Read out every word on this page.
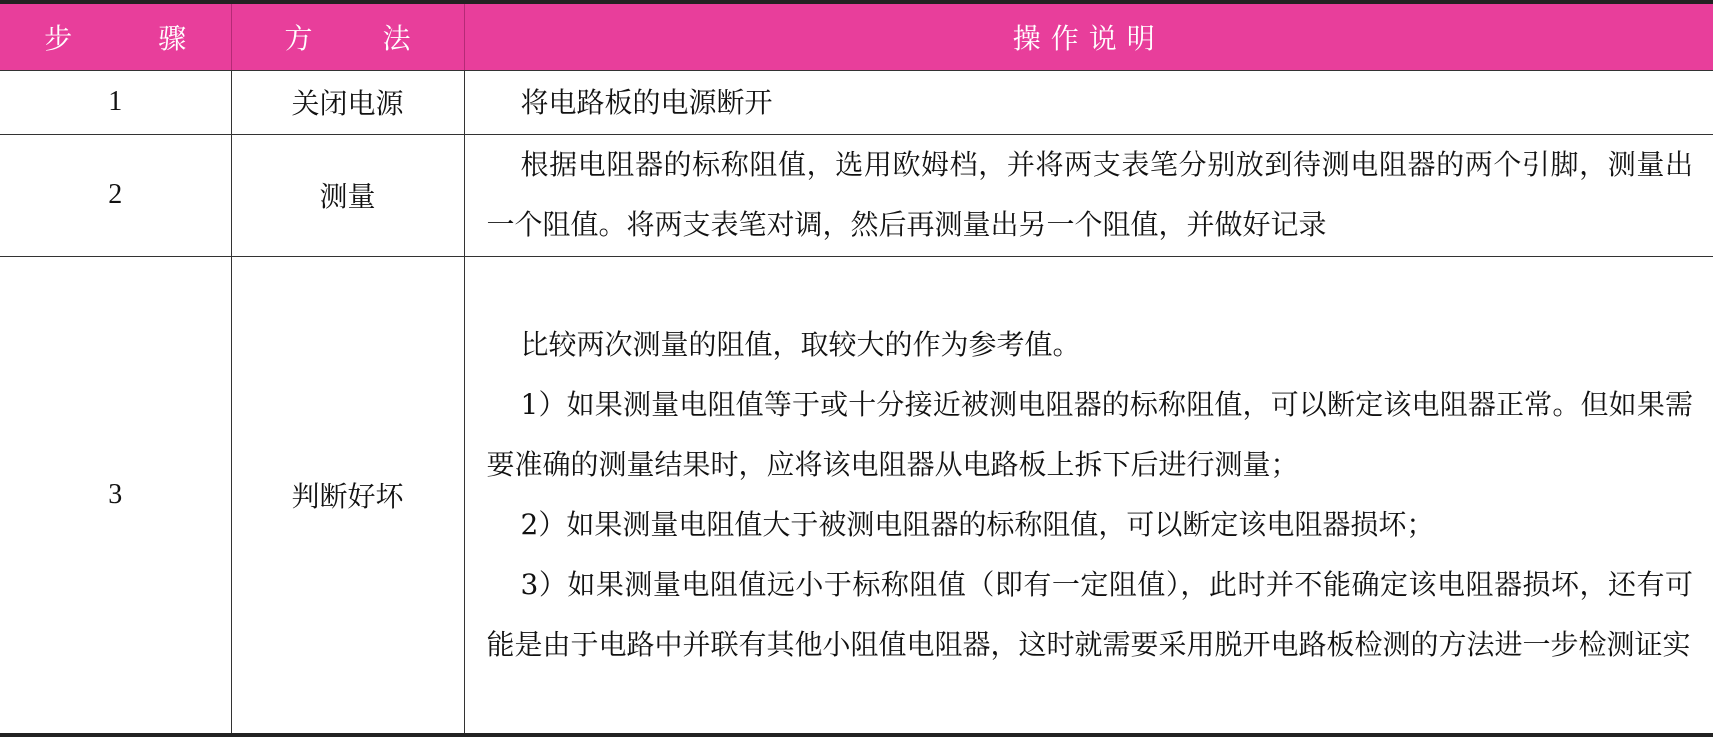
步 骤	方 法	操作说明
1	关闭电源	将电路板的电源断开

2	测量	根据电阻器的标称阻值，选用欧姆档，并将两支表笔分别放到待测电阻器的两个引脚，测量出一个阻值。将两支表笔对调，然后再测量出另一个阻值，并做好记录

3	判断好坏	比较两次测量的阻值，取较大的作为参考值。

1）如果测量电阻值等于或十分接近被测电阻器的标称阻值，可以断定该电阻器正常。但如果需要准确的测量结果时，应将该电阻器从电路板上拆下后进行测量；

2）如果测量电阻值大于被测电阻器的标称阻值，可以断定该电阻器损坏；

3）如果测量电阻值远小于标称阻值（即有一定阻值），此时并不能确定该电阻器损坏，还有可能是由于电路中并联有其他小阻值电阻器，这时就需要采用脱开电路板检测的方法进一步检测证实
